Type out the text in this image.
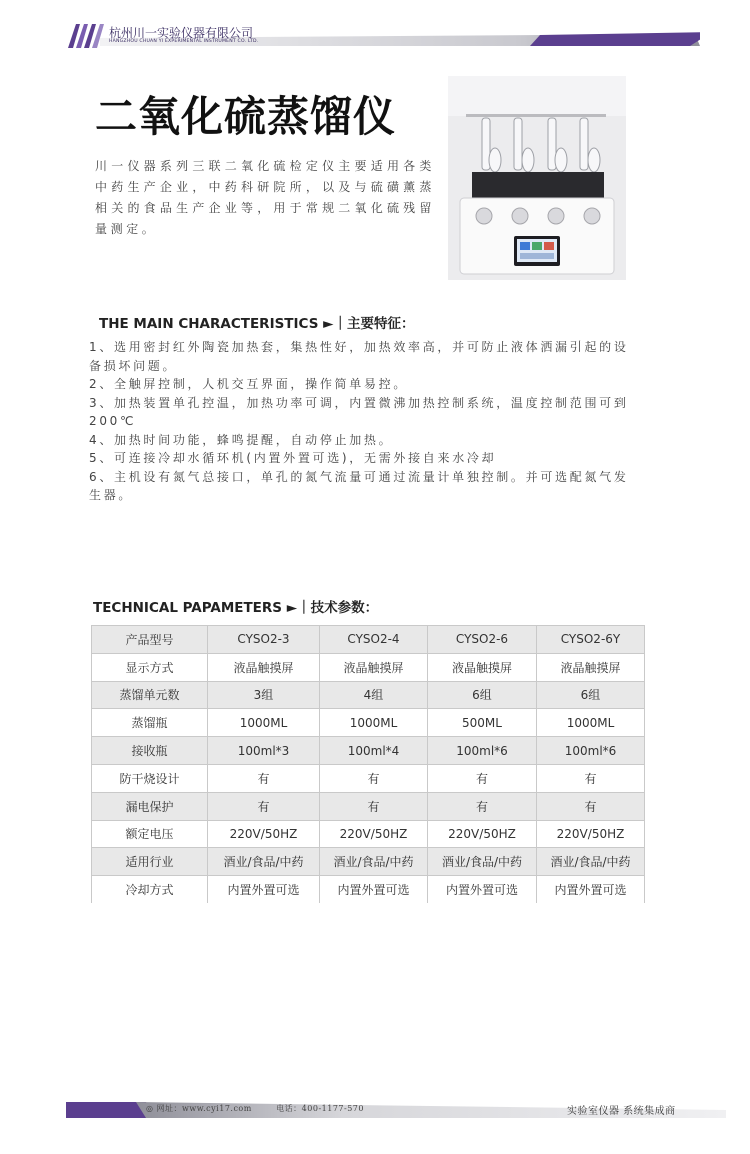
杭州川一实验仪器有限公司
HANGZHOU CHUAN YI EXPERIMENTAL INSTRUMENT CO. LTD.
二氧化硫蒸馏仪

川一仪器系列三联二氧化硫检定仪主要适用各类中药生产企业，中药科研院所，以及与硫磺薰蒸相关的食品生产企业等，用于常规二氧化硫残留量测定。

THE MAIN CHARACTERISTICS ►｜主要特征：

1、选用密封红外陶瓷加热套，集热性好，加热效率高，并可防止液体洒漏引起的设备损坏问题。

2、全触屏控制，人机交互界面，操作简单易控。

3、加热装置单孔控温，加热功率可调，内置微沸加热控制系统，温度控制范围可到200℃

4、加热时间功能，蜂鸣提醒，自动停止加热。

5、可连接冷却水循环机(内置外置可选)，无需外接自来水冷却

6、主机设有氮气总接口，单孔的氮气流量可通过流量计单独控制。并可选配氮气发生器。

TECHNICAL PAPAMETERS ►｜技术参数：
产品型号	CYSO2-3	CYSO2-4	CYSO2-6	CYSO2-6Y
显示方式	液晶触摸屏	液晶触摸屏	液晶触摸屏	液晶触摸屏
蒸馏单元数	3组	4组	6组	6组
蒸馏瓶	1000ML	1000ML	500ML	1000ML
接收瓶	100ml*3	100ml*4	100ml*6	100ml*6
防干烧设计	有	有	有	有
漏电保护	有	有	有	有
额定电压	220V/50HZ	220V/50HZ	220V/50HZ	220V/50HZ
适用行业	酒业/食品/中药	酒业/食品/中药	酒业/食品/中药	酒业/食品/中药
冷却方式	内置外置可选	内置外置可选	内置外置可选	内置外置可选
◎ 网址：www.cyi17.com	电话：400-1177-570	实验室仪器 系统集成商
